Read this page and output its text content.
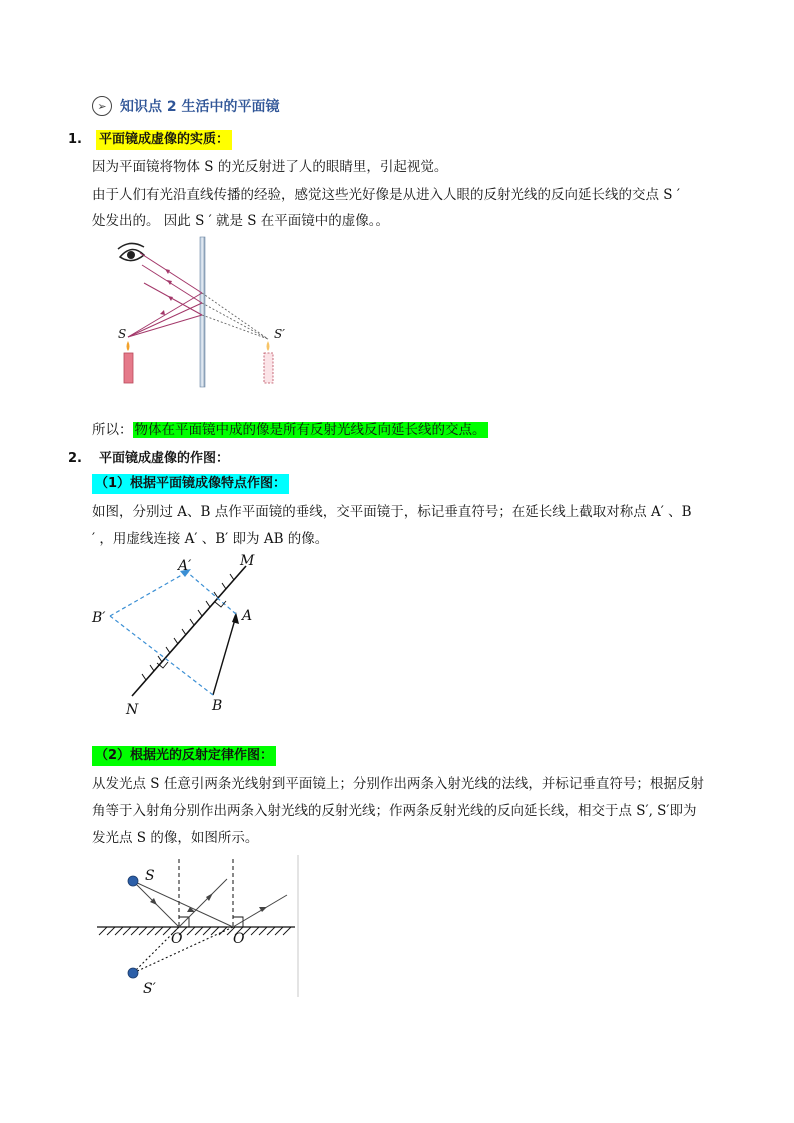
➢ 知识点 2 生活中的平面镜
1. 平面镜成虚像的实质：
因为平面镜将物体 S 的光反射进了人的眼睛里，引起视觉。
由于人们有光沿直线传播的经验，感觉这些光好像是从进入人眼的反射光线的反向延长线的交点 S ′
处发出的。 因此 S ′ 就是 S 在平面镜中的虚像。。
S	S′
所以： 物体在平面镜中成的像是所有反射光线反向延长线的交点。
2. 平面镜成虚像的作图：
（1）根据平面镜成像特点作图：
如图，分别过 A、B 点作平面镜的垂线，交平面镜于，标记垂直符号；在延长线上截取对称点 A′ 、B
′ ，用虚线连接 A′ 、B′ 即为 AB 的像。
A′	M
B′	A
B
N
（2）根据光的反射定律作图：
从发光点 S 任意引两条光线射到平面镜上；分别作出两条入射光线的法线，并标记垂直符号；根据反射
角等于入射角分别作出两条入射光线的反射光线；作两条反射光线的反向延长线，相交于点 S′, S′即为
发光点 S 的像，如图所示。
S
S′
O	O
